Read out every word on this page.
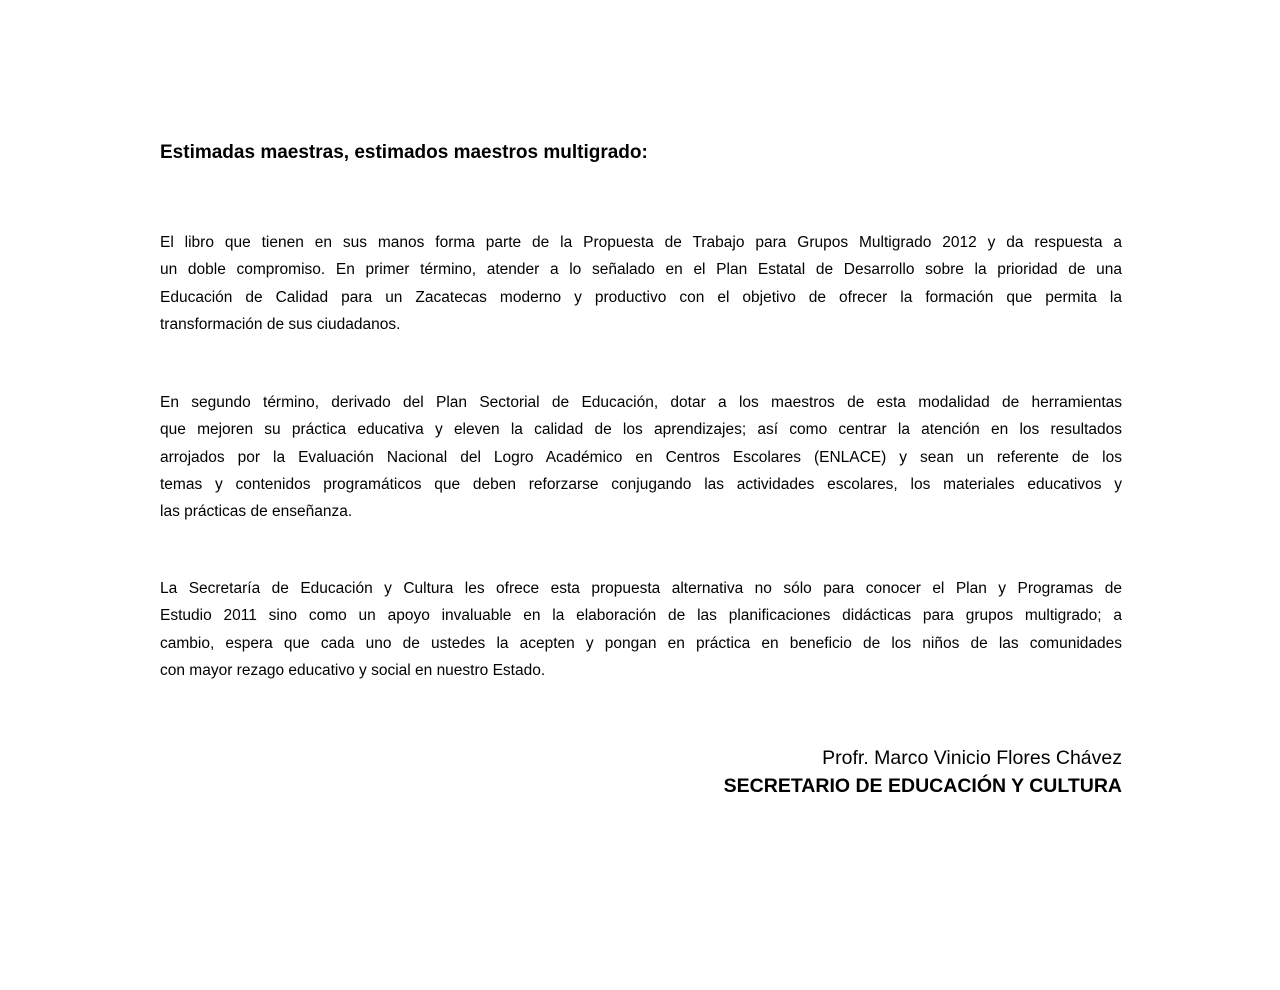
Estimadas maestras, estimados maestros multigrado:
El libro que tienen en sus manos forma parte de la Propuesta de Trabajo para Grupos Multigrado 2012 y da respuesta a
un doble compromiso. En primer término, atender a lo señalado en el Plan Estatal de Desarrollo sobre la prioridad de una
Educación de Calidad para un Zacatecas moderno y productivo con el objetivo de ofrecer la formación que permita la
transformación de sus ciudadanos.
En segundo término, derivado del Plan Sectorial de Educación, dotar a los maestros de esta modalidad de herramientas
que mejoren su práctica educativa y eleven la calidad de los aprendizajes; así como centrar la atención en los resultados
arrojados por la Evaluación Nacional del Logro Académico en Centros Escolares (ENLACE) y sean un referente de los
temas y contenidos programáticos que deben reforzarse conjugando las actividades escolares, los materiales educativos y
las prácticas de enseñanza.
La Secretaría de Educación y Cultura les ofrece esta propuesta alternativa no sólo para conocer el Plan y Programas de
Estudio 2011 sino como un apoyo invaluable en la elaboración de las planificaciones didácticas para grupos multigrado; a
cambio, espera que cada uno de ustedes la acepten y pongan en práctica en beneficio de los niños de las comunidades
con mayor rezago educativo y social en nuestro Estado.
Profr. Marco Vinicio Flores Chávez
SECRETARIO DE EDUCACIÓN Y CULTURA
